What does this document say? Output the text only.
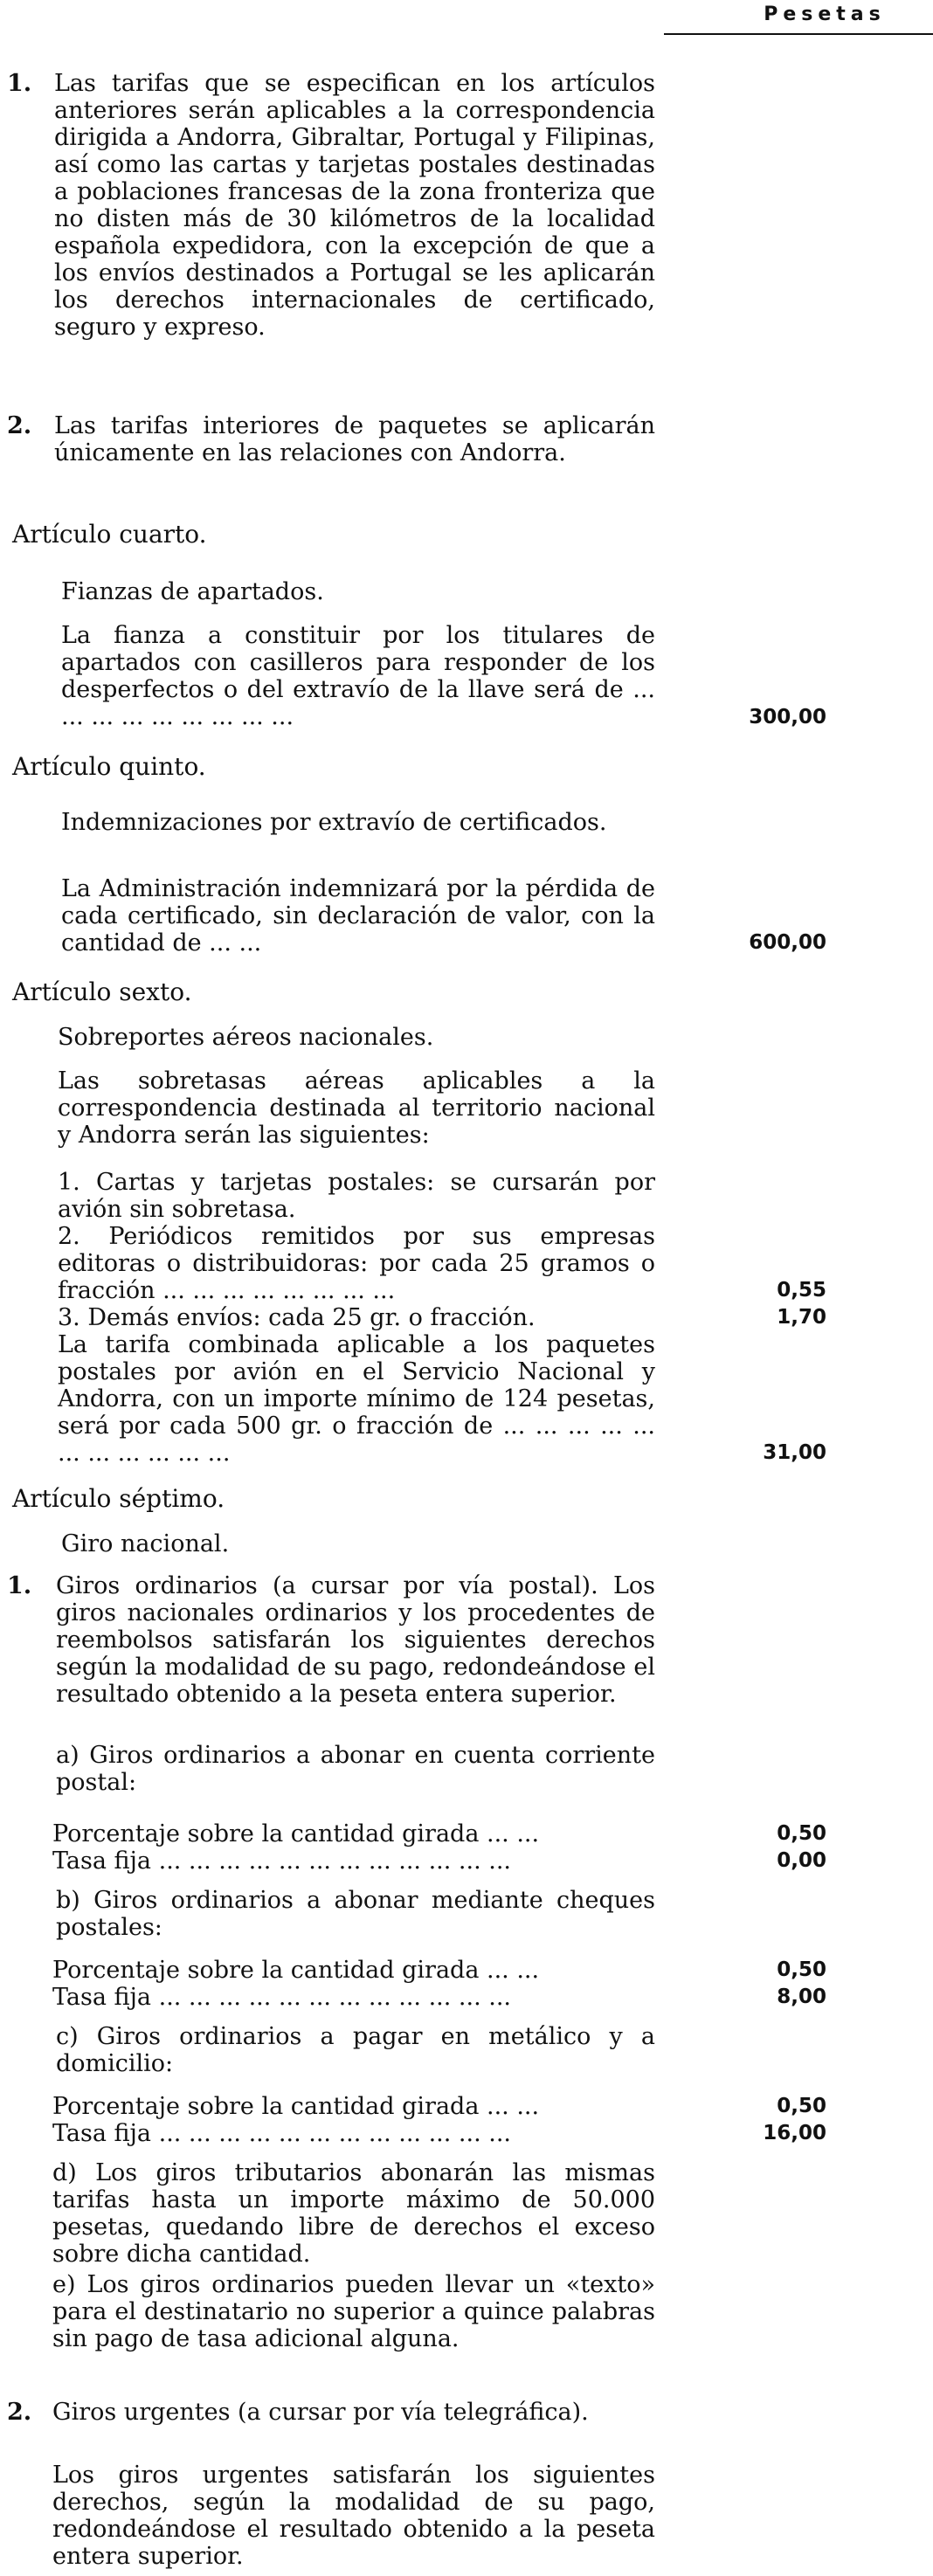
Pesetas
1. Las tarifas que se especifican en los artículos anteriores serán aplicables a la correspondencia dirigida a Andorra, Gibraltar, Portugal y Filipinas, así como las cartas y tarjetas postales destinadas a poblaciones francesas de la zona fronteriza que no disten más de 30 kilómetros de la localidad española expedidora, con la excepción de que a los envíos destinados a Portugal se les aplicarán los derechos internacionales de certificado, seguro y expreso.
2. Las tarifas interiores de paquetes se aplicarán únicamente en las relaciones con Andorra.
Artículo cuarto.
Fianzas de apartados.
La fianza a constituir por los titulares de apartados con casilleros para responder de los desperfectos o del extravío de la llave será de ... ... ... ... ... ... ... ... ...	300,00
Artículo quinto.
Indemnizaciones por extravío de certificados.
La Administración indemnizará por la pérdida de cada certificado, sin declaración de valor, con la cantidad de ... ...	600,00
Artículo sexto.
Sobreportes aéreos nacionales.
Las sobretasas aéreas aplicables a la correspondencia destinada al territorio nacional y Andorra serán las siguientes:
1. Cartas y tarjetas postales: se cursarán por avión sin sobretasa.
2. Periódicos remitidos por sus empresas editoras o distribuidoras: por cada 25 gramos o fracción ... ... ... ... ... ... ... ...	0,55
3. Demás envíos: cada 25 gr. o fracción.	1,70
La tarifa combinada aplicable a los paquetes postales por avión en el Servicio Nacional y Andorra, con un importe mínimo de 124 pesetas, será por cada 500 gr. o fracción de ... ... ... ... ... ... ... ... ... ... ...	31,00
Artículo séptimo.
Giro nacional.
1. Giros ordinarios (a cursar por vía postal). Los giros nacionales ordinarios y los procedentes de reembolsos satisfarán los siguientes derechos según la modalidad de su pago, redondeándose el resultado obtenido a la peseta entera superior.
a) Giros ordinarios a abonar en cuenta corriente postal:
Porcentaje sobre la cantidad girada ... ...	0,50
Tasa fija ... ... ... ... ... ... ... ... ... ... ... ...	0,00
b) Giros ordinarios a abonar mediante cheques postales:
Porcentaje sobre la cantidad girada ... ...	0,50
Tasa fija ... ... ... ... ... ... ... ... ... ... ... ...	8,00
c) Giros ordinarios a pagar en metálico y a domicilio:
Porcentaje sobre la cantidad girada ... ...	0,50
Tasa fija ... ... ... ... ... ... ... ... ... ... ... ...	16,00
d) Los giros tributarios abonarán las mismas tarifas hasta un importe máximo de 50.000 pesetas, quedando libre de derechos el exceso sobre dicha cantidad.
e) Los giros ordinarios pueden llevar un «texto» para el destinatario no superior a quince palabras sin pago de tasa adicional alguna.
2. Giros urgentes (a cursar por vía telegráfica).
Los giros urgentes satisfarán los siguientes derechos, según la modalidad de su pago, redondeándose el resultado obtenido a la peseta entera superior.
